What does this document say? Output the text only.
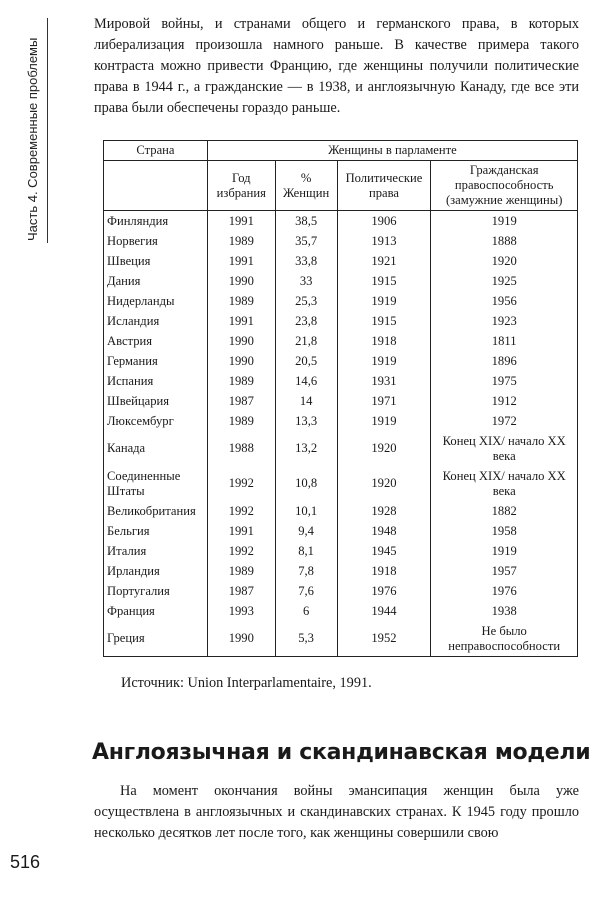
Часть 4. Современные проблемы

Мировой войны, и странами общего и германского права, в которых либерализация произошла намного раньше. В качестве примера такого контраста можно привести Францию, где женщины получили политические права в 1944 г., а гражданские — в 1938, и англоязычную Канаду, где все эти права были обеспечены гораздо раньше.

Страна	Женщины в парламенте			
	Год избрания	% Женщин	Политические права	Гражданская правоспособность (замужние женщины)
Финляндия	1991	38,5	1906	1919
Норвегия	1989	35,7	1913	1888
Швеция	1991	33,8	1921	1920
Дания	1990	33	1915	1925
Нидерланды	1989	25,3	1919	1956
Исландия	1991	23,8	1915	1923
Австрия	1990	21,8	1918	1811
Германия	1990	20,5	1919	1896
Испания	1989	14,6	1931	1975
Швейцария	1987	14	1971	1912
Люксембург	1989	13,3	1919	1972
Канада	1988	13,2	1920	Конец XIX/ начало XX века
Соединенные Штаты	1992	10,8	1920	Конец XIX/ начало XX века
Великобритания	1992	10,1	1928	1882
Бельгия	1991	9,4	1948	1958
Италия	1992	8,1	1945	1919
Ирландия	1989	7,8	1918	1957
Португалия	1987	7,6	1976	1976
Франция	1993	6	1944	1938
Греция	1990	5,3	1952	Не было неправоспособности
Источник: Union Interparlamentaire, 1991.
Англоязычная и скандинавская модели

На момент окончания войны эмансипация женщин была уже осуществлена в англоязычных и скандинавских странах. К 1945 году прошло несколько десятков лет после того, как женщины совершили свою

516
